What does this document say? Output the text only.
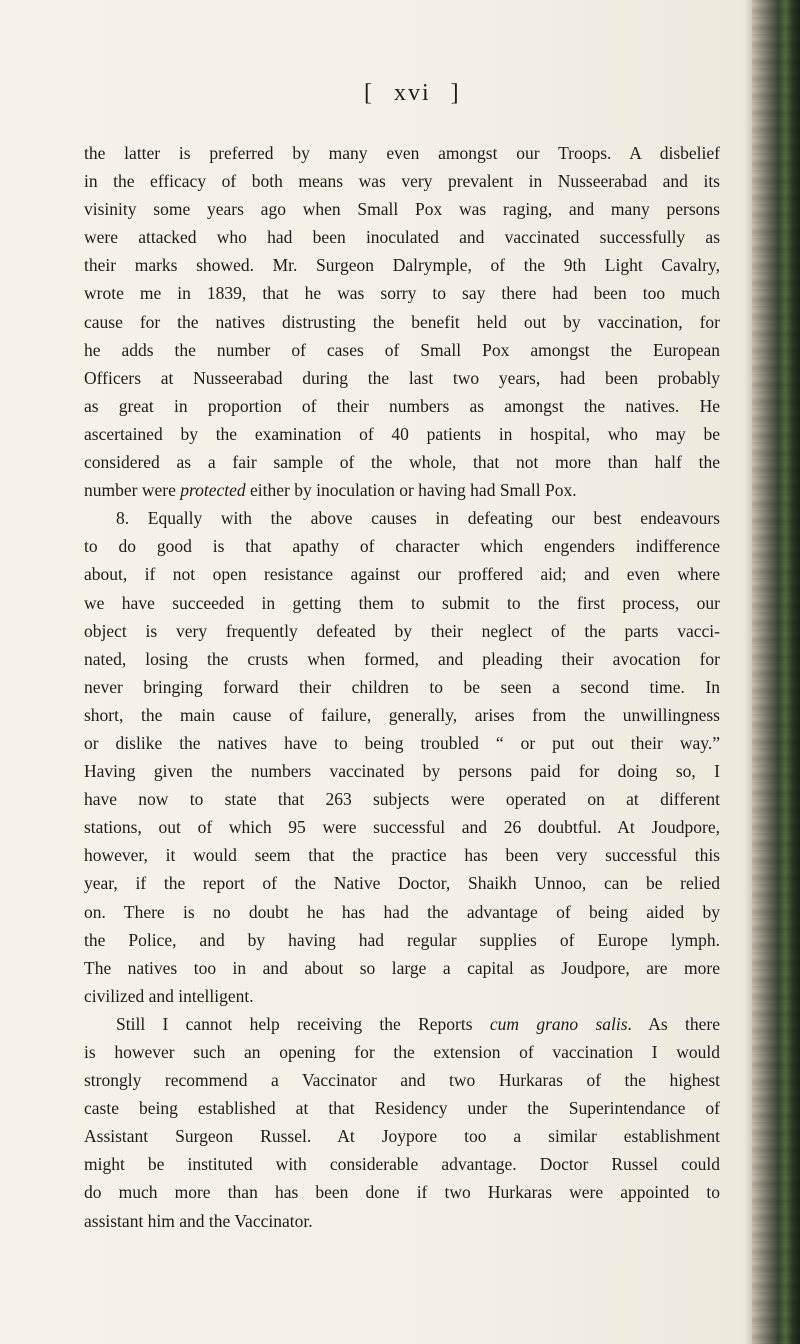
[ xvi ]
the latter is preferred by many even amongst our Troops. A disbelief
in the efficacy of both means was very prevalent in Nusseerabad and its
visinity some years ago when Small Pox was raging, and many persons
were attacked who had been inoculated and vaccinated successfully as
their marks showed. Mr. Surgeon Dalrymple, of the 9th Light Cavalry,
wrote me in 1839, that he was sorry to say there had been too much
cause for the natives distrusting the benefit held out by vaccination, for
he adds the number of cases of Small Pox amongst the European
Officers at Nusseerabad during the last two years, had been probably
as great in proportion of their numbers as amongst the natives. He
ascertained by the examination of 40 patients in hospital, who may be
considered as a fair sample of the whole, that not more than half the
number were protected either by inoculation or having had Small Pox.
8. Equally with the above causes in defeating our best endeavours
to do good is that apathy of character which engenders indifference
about, if not open resistance against our proffered aid; and even where
we have succeeded in getting them to submit to the first process, our
object is very frequently defeated by their neglect of the parts vacci-
nated, losing the crusts when formed, and pleading their avocation for
never bringing forward their children to be seen a second time. In
short, the main cause of failure, generally, arises from the unwillingness
or dislike the natives have to being troubled “ or put out their way.”
Having given the numbers vaccinated by persons paid for doing so, I
have now to state that 263 subjects were operated on at different
stations, out of which 95 were successful and 26 doubtful. At Joudpore,
however, it would seem that the practice has been very successful this
year, if the report of the Native Doctor, Shaikh Unnoo, can be relied
on. There is no doubt he has had the advantage of being aided by
the Police, and by having had regular supplies of Europe lymph.
The natives too in and about so large a capital as Joudpore, are more
civilized and intelligent.
Still I cannot help receiving the Reports cum grano salis. As there
is however such an opening for the extension of vaccination I would
strongly recommend a Vaccinator and two Hurkaras of the highest
caste being established at that Residency under the Superintendance of
Assistant Surgeon Russel. At Joypore too a similar establishment
might be instituted with considerable advantage. Doctor Russel could
do much more than has been done if two Hurkaras were appointed to
assistant him and the Vaccinator.
